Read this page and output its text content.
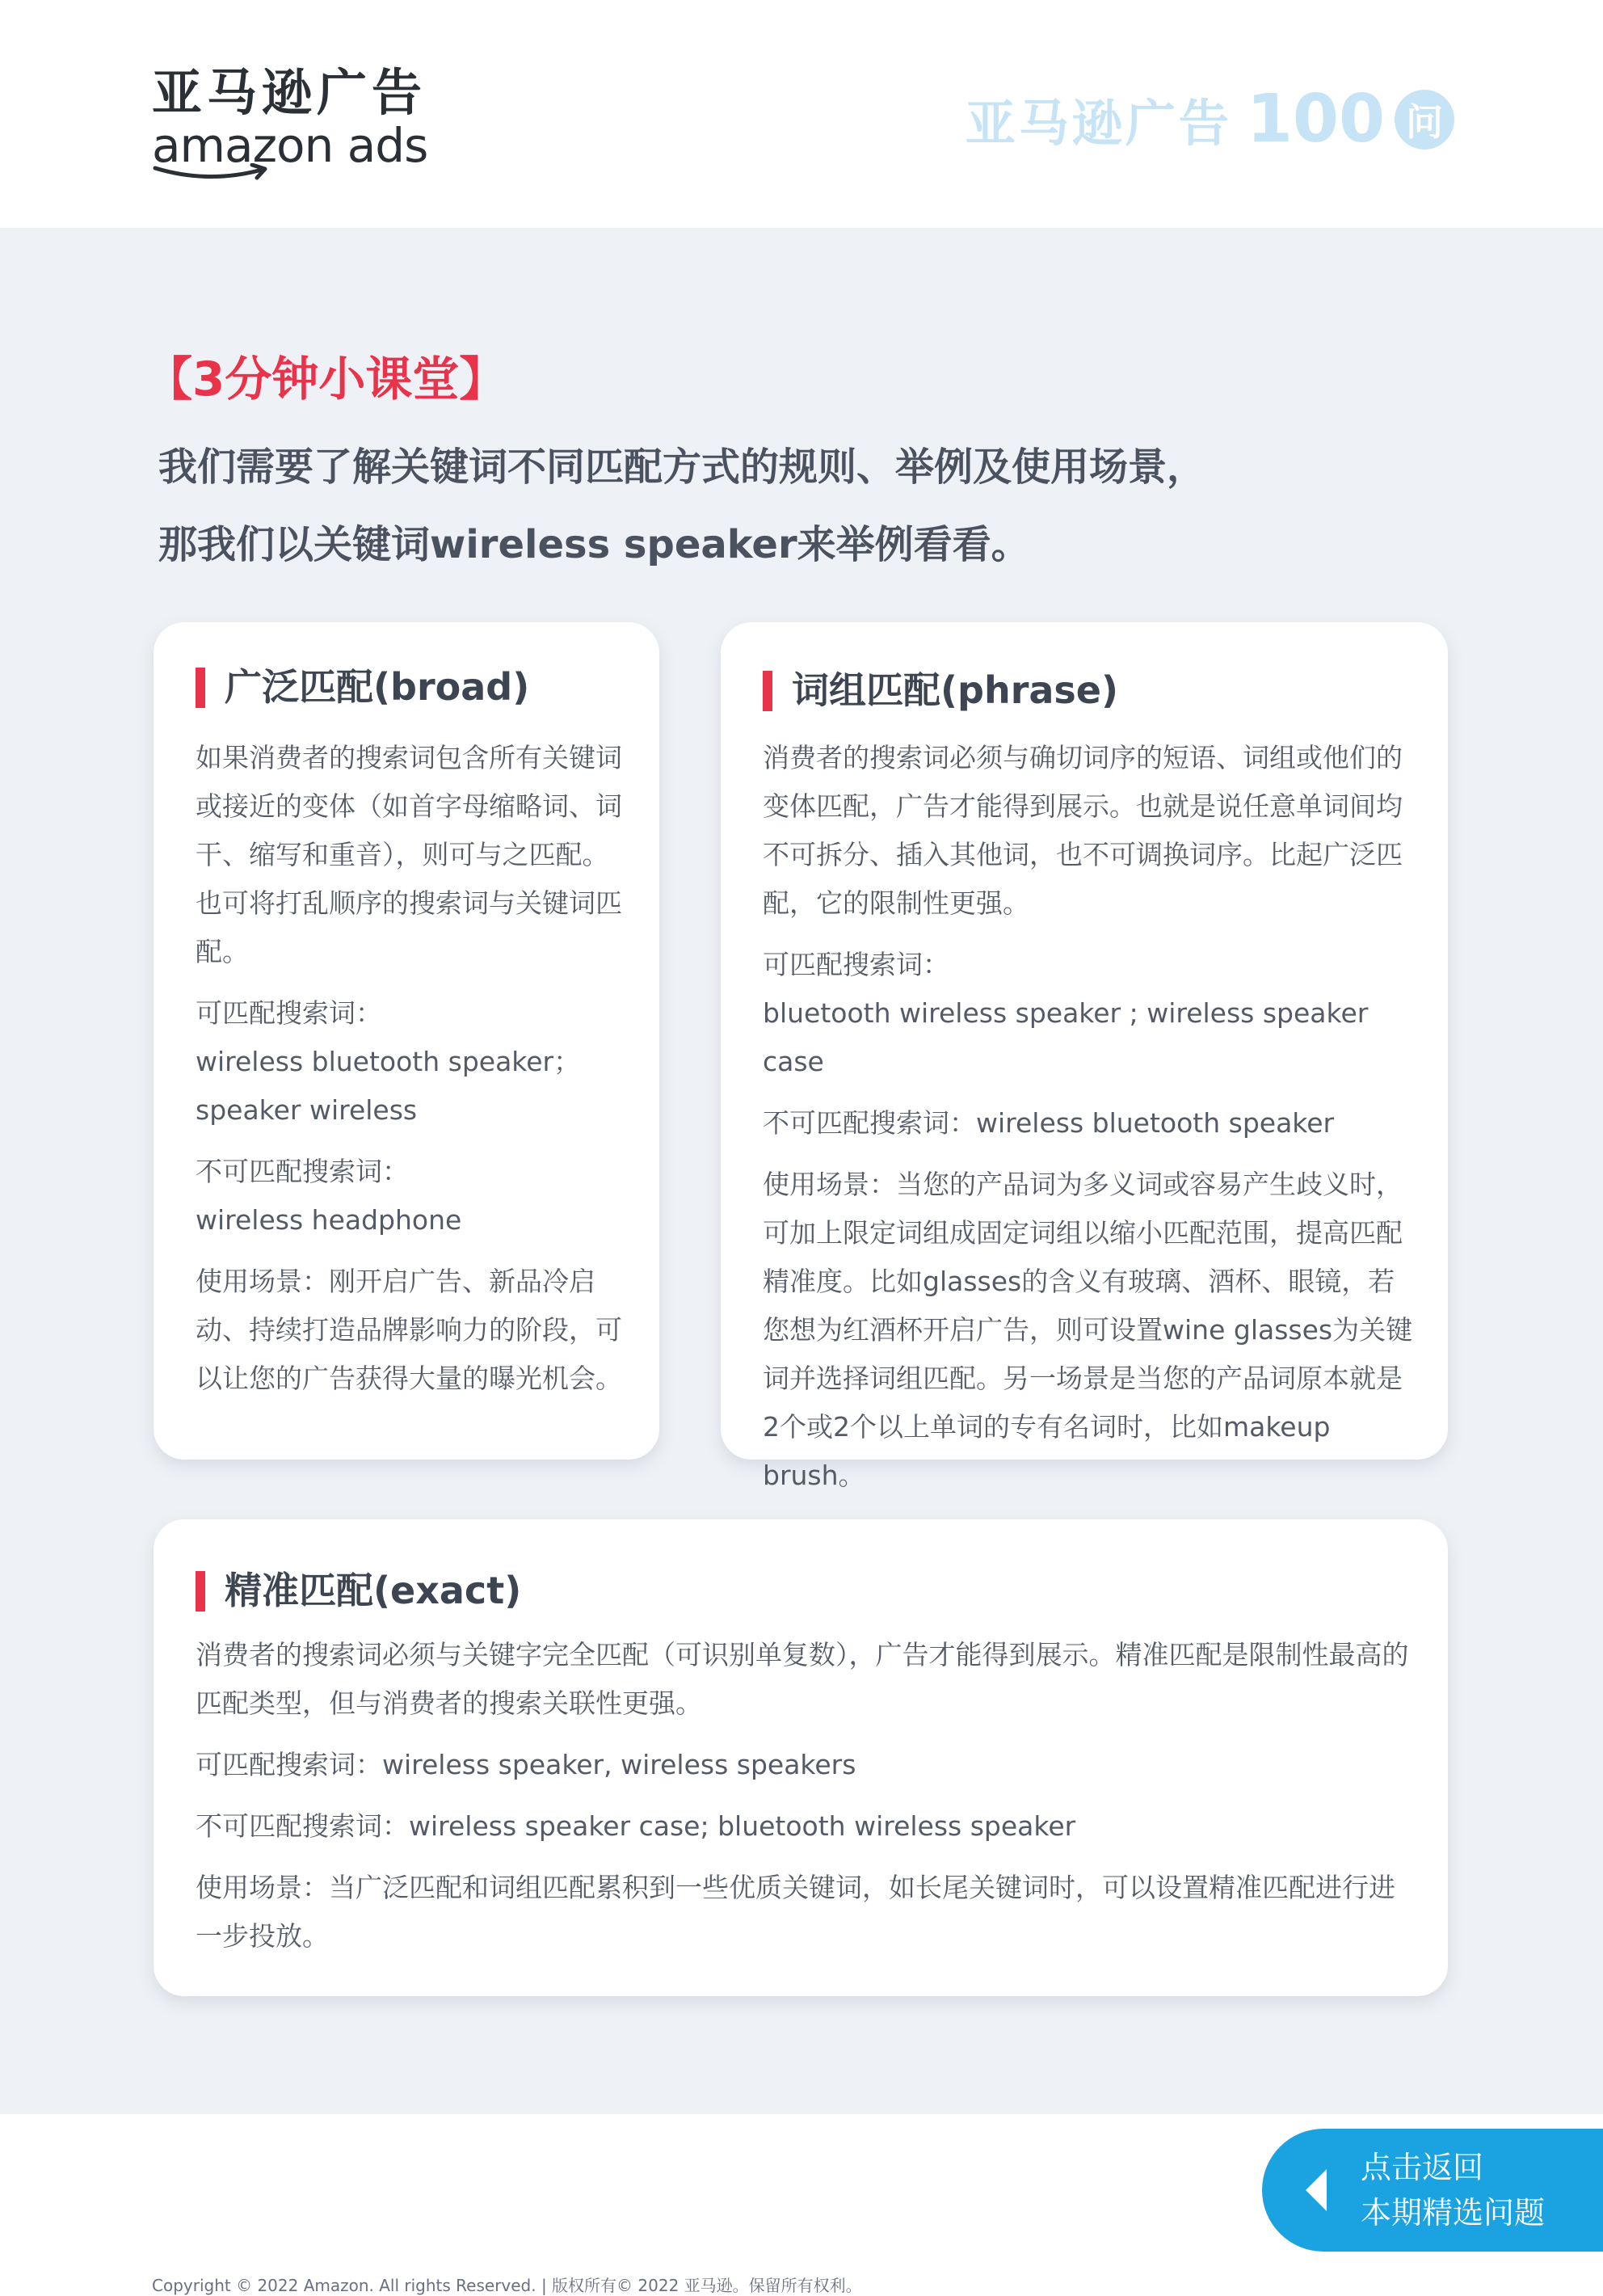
亚马逊广告
amazon ads	亚马逊广告 100 问
【3分钟小课堂】
我们需要了解关键词不同匹配方式的规则、举例及使用场景，
那我们以关键词wireless speaker来举例看看。
广泛匹配(broad)

如果消费者的搜索词包含所有关键词或接近的变体（如首字母缩略词、词干、缩写和重音），则可与之匹配。也可将打乱顺序的搜索词与关键词匹配。

可匹配搜索词：
wireless bluetooth speaker；speaker wireless

不可匹配搜索词：
wireless headphone

使用场景：刚开启广告、新品冷启动、持续打造品牌影响力的阶段，可以让您的广告获得大量的曝光机会。

词组匹配(phrase)

消费者的搜索词必须与确切词序的短语、词组或他们的变体匹配，广告才能得到展示。也就是说任意单词间均不可拆分、插入其他词，也不可调换词序。比起广泛匹配，它的限制性更强。

可匹配搜索词：
bluetooth wireless speaker ; wireless speaker case

不可匹配搜索词：wireless bluetooth speaker

使用场景：当您的产品词为多义词或容易产生歧义时，可加上限定词组成固定词组以缩小匹配范围，提高匹配精准度。比如glasses的含义有玻璃、酒杯、眼镜，若您想为红酒杯开启广告，则可设置wine glasses为关键词并选择词组匹配。另一场景是当您的产品词原本就是2个或2个以上单词的专有名词时，比如makeup brush。

精准匹配(exact)

消费者的搜索词必须与关键字完全匹配（可识别单复数），广告才能得到展示。精准匹配是限制性最高的匹配类型，但与消费者的搜索关联性更强。

可匹配搜索词：wireless speaker, wireless speakers

不可匹配搜索词：wireless speaker case; bluetooth wireless speaker

使用场景：当广泛匹配和词组匹配累积到一些优质关键词，如长尾关键词时，可以设置精准匹配进行进一步投放。

Copyright © 2022 Amazon. All rights Reserved. | 版权所有© 2022 亚马逊。保留所有权利。
点击返回
本期精选问题
